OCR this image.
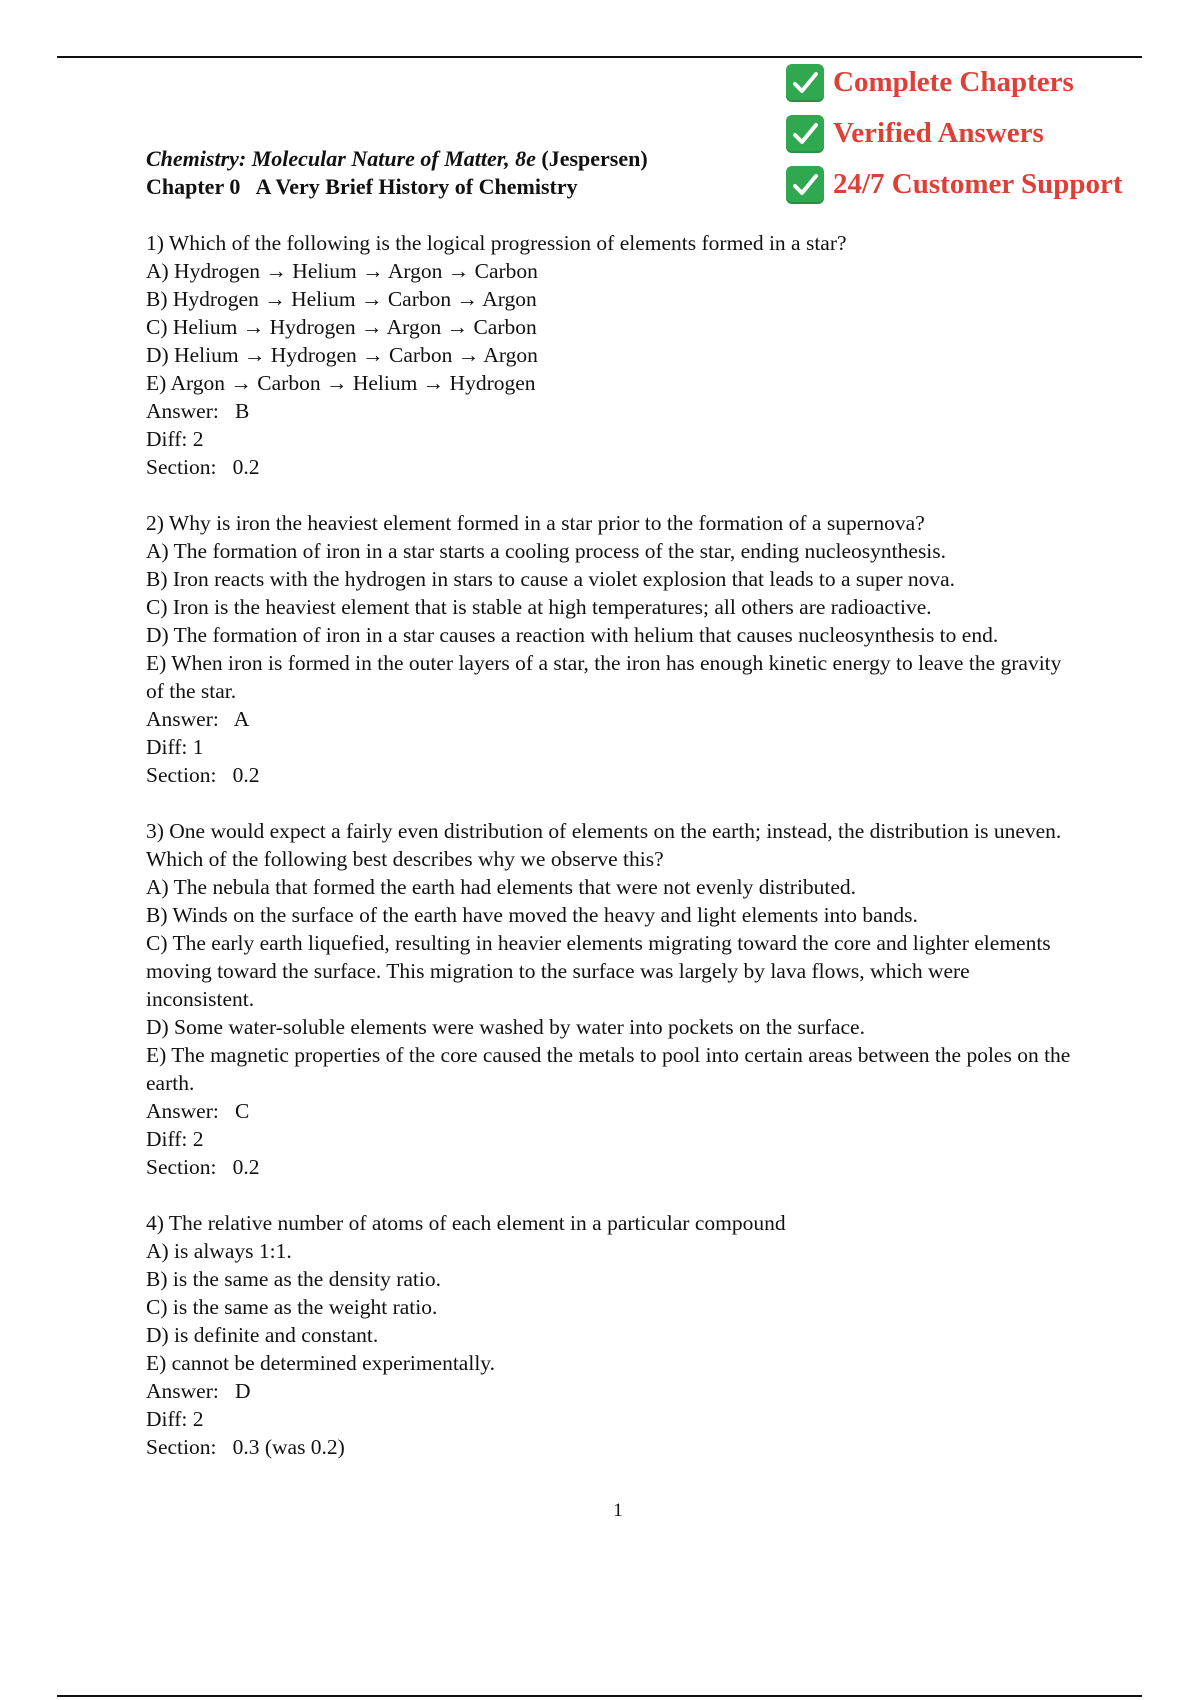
Complete Chapters
Verified Answers
24/7 Customer Support
Chemistry: Molecular Nature of Matter, 8e (Jespersen)
Chapter 0   A Very Brief History of Chemistry
1) Which of the following is the logical progression of elements formed in a star?
A) Hydrogen → Helium → Argon → Carbon
B) Hydrogen → Helium → Carbon → Argon
C) Helium → Hydrogen → Argon → Carbon
D) Helium → Hydrogen → Carbon → Argon
E) Argon → Carbon → Helium → Hydrogen
Answer:   B
Diff: 2
Section:   0.2
2) Why is iron the heaviest element formed in a star prior to the formation of a supernova?
A) The formation of iron in a star starts a cooling process of the star, ending nucleosynthesis.
B) Iron reacts with the hydrogen in stars to cause a violet explosion that leads to a super nova.
C) Iron is the heaviest element that is stable at high temperatures; all others are radioactive.
D) The formation of iron in a star causes a reaction with helium that causes nucleosynthesis to end.
E) When iron is formed in the outer layers of a star, the iron has enough kinetic energy to leave the gravity of the star.
Answer:   A
Diff: 1
Section:   0.2
3) One would expect a fairly even distribution of elements on the earth; instead, the distribution is uneven. Which of the following best describes why we observe this?
A) The nebula that formed the earth had elements that were not evenly distributed.
B) Winds on the surface of the earth have moved the heavy and light elements into bands.
C) The early earth liquefied, resulting in heavier elements migrating toward the core and lighter elements moving toward the surface. This migration to the surface was largely by lava flows, which were inconsistent.
D) Some water-soluble elements were washed by water into pockets on the surface.
E) The magnetic properties of the core caused the metals to pool into certain areas between the poles on the earth.
Answer:   C
Diff: 2
Section:   0.2
4) The relative number of atoms of each element in a particular compound
A) is always 1:1.
B) is the same as the density ratio.
C) is the same as the weight ratio.
D) is definite and constant.
E) cannot be determined experimentally.
Answer:   D
Diff: 2
Section:   0.3 (was 0.2)
1
